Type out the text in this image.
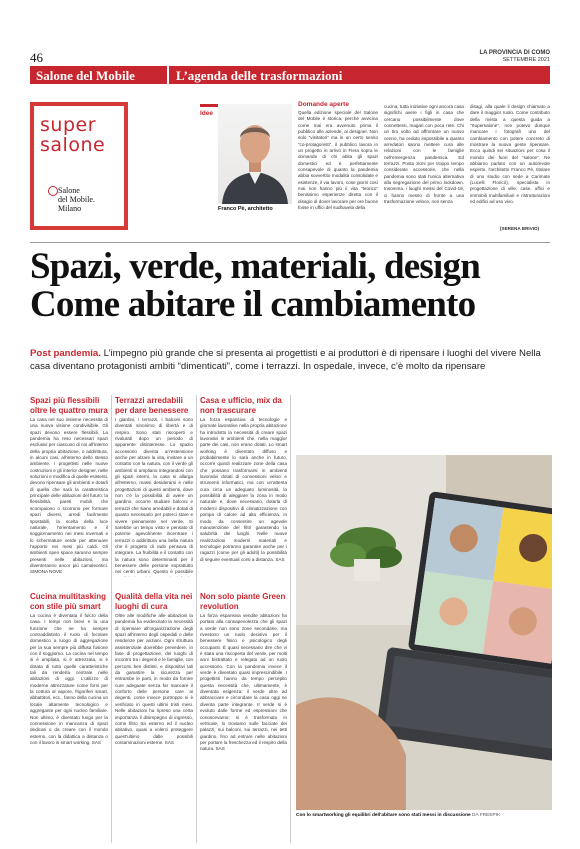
46	LA PROVINCIA DI COMO
SETTEMBRE 2021
Salone del Mobile	L’agenda delle trasformazioni
super
salone
Salone
del Mobile.
Milano
Idee
Franco Pè, architetto
Domande aperte
Quella edizione speciale del Salone del Mobile è storica, perché avvicina come mai era avvenuto prima il pubblico alle aziende, ai designer. Non solo “visitatori” ma in un certo senso “co-protagonisti”, il pubblico lavora in un progetto in arrivo in Fiera sopra le domande di chi abita gli spazi domestici ed è perfettamente consapevole di quanto la pandemia abbia sovvertito modalità consolidate e esistenze, il via lavoro, cose giorni così mai non hanno più il vita “teorico” benissimo esperienze diretta con il disagio di dover lavorare per ore buone fosse in uffici del sudhavela della
cucina, tutta iniziative ogni ancora casa significhi avere i figli in casa che cercano possibilmente dove connettersi, magari con poca rete. Chi un tiro volto ad affrontare un nuovo cenno, ha ceduto impossibile a quanto arredatori sanno mettere cura alle relazioni con le famiglie nell'emergenza pandemica. Ed terrazzi. Posta zioni per troppo tempo considerate accessorie, che nella pandemia sono stati l'unica alternativa alla segregazione del primo lockdown. Insomma, i luoghi messi del Covid-19, ci hanno messo di fronte a una trasformazione veloce, non senza
disagi, alla quale il design chiamato a dare il maggior ruolo. Come contributo della rivista a questa guida a “Supersalone”, non potevo dunque mancare i fotografi uno del cambiamento con potere concreto di mostrare la nuova gente ripensare. Ecco quindi sei situazioni per cosa il mondo dei fuori del “salone”. Ne abbiamo parlato con un autorevole esperto, l'architetto Franco Pè, titolare di uno studio con sede a Carimate (Lucelli Floricò), specialista in progettazione di ville, case, uffici e immobili multifamiliari e ristrutturazioni ed edifici ad uso vivo.
(SERENA BRIVIO)
Spazi, verde, materiali, design
Come abitare il cambiamento
Post pandemia. L’impegno più grande che si presenta ai progettisti e ai produttori è di ripensare i luoghi del vivere Nella casa diventano protagonisti ambiti “dimenticati”, come i terrazzi. In ospedale, invece, c’è molto da ripensare
Spazi più flessibili oltre le quattro mura
La casa nel suo insieme necessita di una nuova visione condivisibile. Gli spazi devono essere flessibili. La pandemia ha reso necessari spazi esclusivi per ciascuno di noi all'interno della propria abitazione, o addirittura, in alcuni casi, all'interno dello stesso ambiente. I progettisti nelle nuove costruzioni e gli interior designer, nelle soluzioni e modifica di quelle esistenti, devono ripensare gli ambienti e dotarli di quella che sarà la caratteristica principale delle abitazioni del futuro: la flessibilità, pareti mobili che scompaiono o scorrono per formare spazi diversi, arredi facilmente spostabili, la scelta della luce naturale, l'orientamento e il soggiornamento nei mesi invernali e lo schermature verde per attenuare l'apporto nei mesi più caldi. Gli ambienti open space saranno sempre presenti nelle abitazioni, ma diventeranno ancor più camaleontici. SIMONA NOVE
Terrazzi arredabili per dare benessere
I giardini, i terrazzi, i balconi sono diventati sinonimo di libertà e di respiro. Sono stati riscoperti e rivalutati dopo un periodo di apparente disinteresse. Lo spazio accessorio diventa un'estensione anche per alzare la vita, invitare a un contatto con la natura, con il verde gli ambienti si ampliano integrandosi con gli spazi interni, la casa si allarga all'esterno, massi desiderarsi e nelle progettazioni di questi ambienti, dove non c'è la possibilità di avere un giardino, occorre studiare balconi e terrazzi che siano arredabili e dotati di quanto necessario per poterci stare e vivere pienamente nel verde. Si sarebbe un tempo visto e pensato di poterne agevolmente incentrare i terrazzi o addirittura una bella natura che il progetto di rado pensava di integrare. La fruibilità e il contatto con la natura sono determinanti per il benessere delle persone soprattutto nei centri urbani. Questo è possibile
Casa e ufficio, mix da non trascurare
La forza espansiva di tecnologie e giornate lavorative nella propria abitazione ha introdotto la necessità di creare spazi lavorativi in ambienti che, nella maggior parte dei casi, non erano dotati. Lo smart working è diventato diffuso e probabilmente lo sarà anche in futuro, occorre quindi realizzare zone della casa che possano trasformarsi in ambienti lavorativi dotati di connessioni veloci e strumenti informatici, ma con un'attenta cura circa un adeguato luminosità, la possibilità di aleggiare la zona in modo naturale e, dove necessario, dotarla di moderni dispositivi di climatizzazione con pompa di calore ad alta efficienza, in modo da consentire un agevole manutenzione del filtri garantendo la salubrità dei luoghi. Nelle nuove realizzazioni moderni materiali e tecnologie potranno garantire anche per i ragazzi (come per gli adulti) la possibilità di seguire eventuali corsi a distanza. SAS
Cucina multitasking con stile più smart
La cucina è diventata il fulcro della casa. I tempi non brevi e la una funzione che ne ha sempre contraddistinto il ruolo di focolare domestico a luogo di aggregazione per la sua sempre più diffusa fusione con il soggiorno. La cucina nel tempo si è ampliata, si è attrezzata, si è dotata di tutto quelle caratteristiche tali da renderla centrale nelle abitazioni di oggi. L'utilizzo di moderne attrezzature come forni per la cottura al vapore, frigoriferi smart, abbattitori, ecc., fanno della cucina un locale altamente tecnologico e aggregante per ogni nucleo familiare. Non ultimo, è diventato luogo per la connessione in mancanza di spazi dedicati o da creare con il mondo esterno, con la didattica a distanza o con il lavoro in smart working. SAS
Qualità della vita nei luoghi di cura
Oltre alle modifiche alle abitazioni la pandemia ha evidenziato la necessità di ripensare all'organizzazione degli spazi all'interno degli ospedali o delle residenze per anziani. Ogni struttura assistenziale dovrebbe prevedere, in fase di progettazione, dei luoghi di incontro tra i degenti e le famiglie, con percorsi ben distinti, e dispositivi tali da garantire la sicurezza per entrambe le parti, in modo da fornire cure adeguate senza far mancare il conforto delle persone care ai degenti, come invece purtroppo si è verificato in questi ultimi tristi mesi. Nelle abitazioni ha ripreso una certa importanza il disimpegno di ingresso, come filtro tra esterno ed il nucleo abitativo, quasi a volerci proteggere quest'ultimo dalle possibili contaminazioni esterne. SAS
Non solo piante Green revolution
La forza espansiva vendite abitazioni ha portato alla consapevolezza che gli spazi a verde non sono zone secondarie, ma rivestono un ruolo decisivo per il benessere fisico e psicologico degli occupanti. È quasi necessario dire che vi è stata una riscoperta del verde, per molti anni bistrattato e relegato ad un ruolo accessorio. Con la pandemia invece il verde è diventato quasi imprescindibile. I progettisti hanno da tempo percepito questa necessità che, ultimamente, è diventata esigenza: il verde oltre ad abbracciare e circondare la casa oggi ne diventa parte integrante. Il verde si è evoluto dalle forme ed espressioni che conoscevamo; si è trasformato in verticale, lo troviamo sulle facciate dei palazzi, sui balconi, sui terrazzi, nei tetti giardino, fino ad entrare nelle abitazioni per portare la freschezza ed il respiro della natura. SAS
Con lo smartworking gli equilibri dell'abitare sono stati messi in discussione DA FREEPIK
